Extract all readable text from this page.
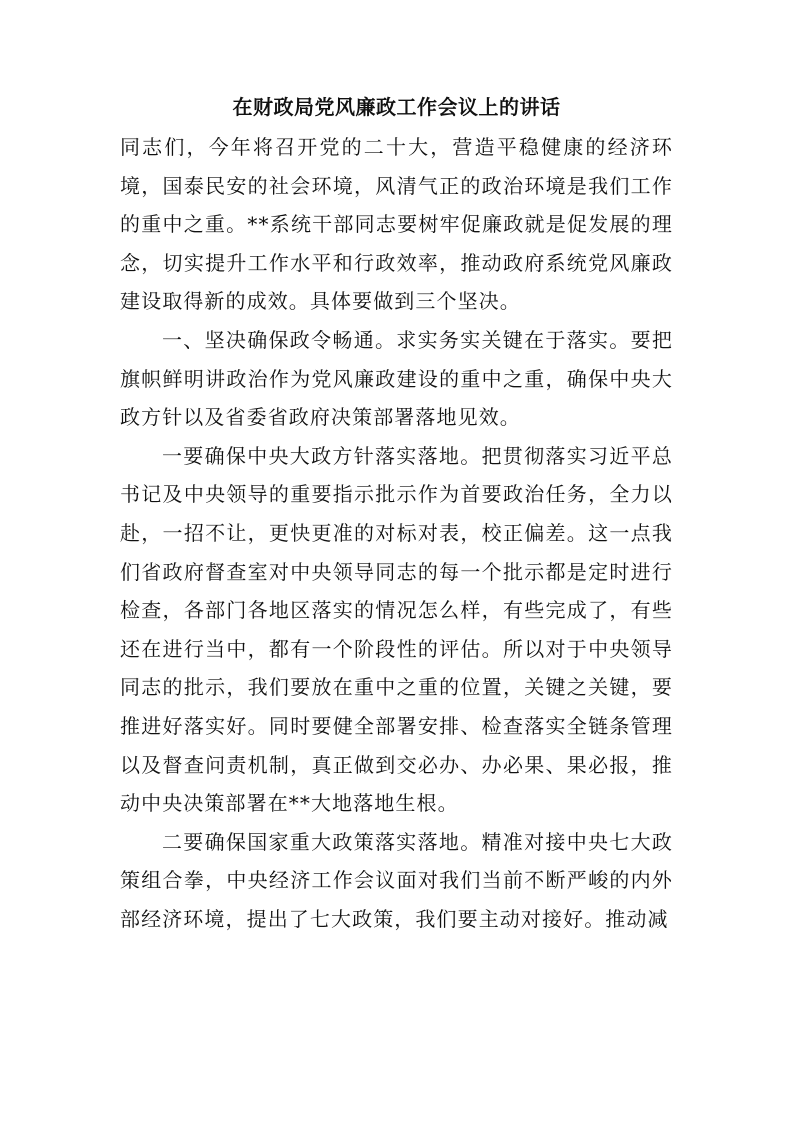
在财政局党风廉政工作会议上的讲话

同志们，今年将召开党的二十大，营造平稳健康的经济环境，国泰民安的社会环境，风清气正的政治环境是我们工作的重中之重。**系统干部同志要树牢促廉政就是促发展的理念，切实提升工作水平和行政效率，推动政府系统党风廉政建设取得新的成效。具体要做到三个坚决。

一、坚决确保政令畅通。求实务实关键在于落实。要把旗帜鲜明讲政治作为党风廉政建设的重中之重，确保中央大政方针以及省委省政府决策部署落地见效。

一要确保中央大政方针落实落地。把贯彻落实习近平总书记及中央领导的重要指示批示作为首要政治任务，全力以赴，一招不让，更快更准的对标对表，校正偏差。这一点我们省政府督查室对中央领导同志的每一个批示都是定时进行检查，各部门各地区落实的情况怎么样，有些完成了，有些还在进行当中，都有一个阶段性的评估。所以对于中央领导同志的批示，我们要放在重中之重的位置，关键之关键，要推进好落实好。同时要健全部署安排、检查落实全链条管理以及督查问责机制，真正做到交必办、办必果、果必报，推动中央决策部署在**大地落地生根。

二要确保国家重大政策落实落地。精准对接中央七大政策组合拳，中央经济工作会议面对我们当前不断严峻的内外部经济环境，提出了七大政策，我们要主动对接好。推动减
